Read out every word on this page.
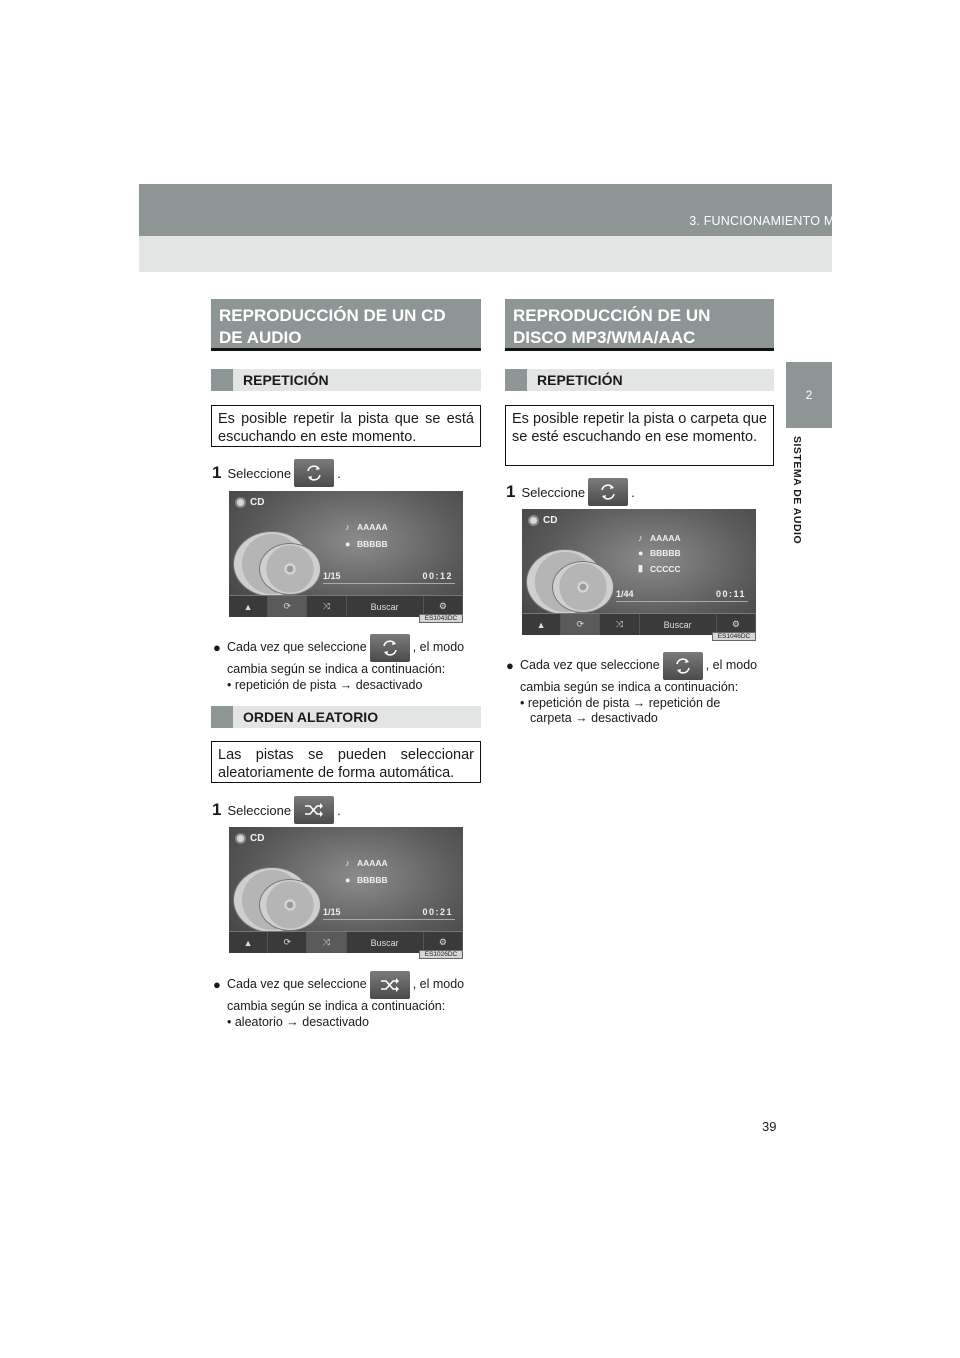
3. FUNCIONAMIENTO MULTIMEDIA
2
SISTEMA DE AUDIO
REPRODUCCIÓN DE UN CD DE AUDIO
REPETICIÓN
Es posible repetir la pista que se está escuchando en este momento.
1 Seleccione	.
CD
♪ AAAAA
● BBBBB
1/15	00:12
▲	⟳	⤨	Buscar	⚙
ES1043DC
● Cada vez que seleccione	, el modo
cambia según se indica a continuación:
• repetición de pista → desactivado
ORDEN ALEATORIO
Las pistas se pueden seleccionar aleatoriamente de forma automática.
1 Seleccione	.
CD
♪ AAAAA
● BBBBB
1/15	00:21
▲	⟳	⤨	Buscar	⚙
ES1026DC
● Cada vez que seleccione	, el modo
cambia según se indica a continuación:
• aleatorio → desactivado
REPRODUCCIÓN DE UN DISCO MP3/WMA/AAC
REPETICIÓN
Es posible repetir la pista o carpeta que se esté escuchando en ese momento.
1 Seleccione	.
CD
♪ AAAAA
● BBBBB
▮ CCCCC
1/44	00:11
▲	⟳	⤨	Buscar	⚙
ES1046DC
● Cada vez que seleccione	, el modo
cambia según se indica a continuación:
• repetición de pista → repetición de
carpeta → desactivado
39
